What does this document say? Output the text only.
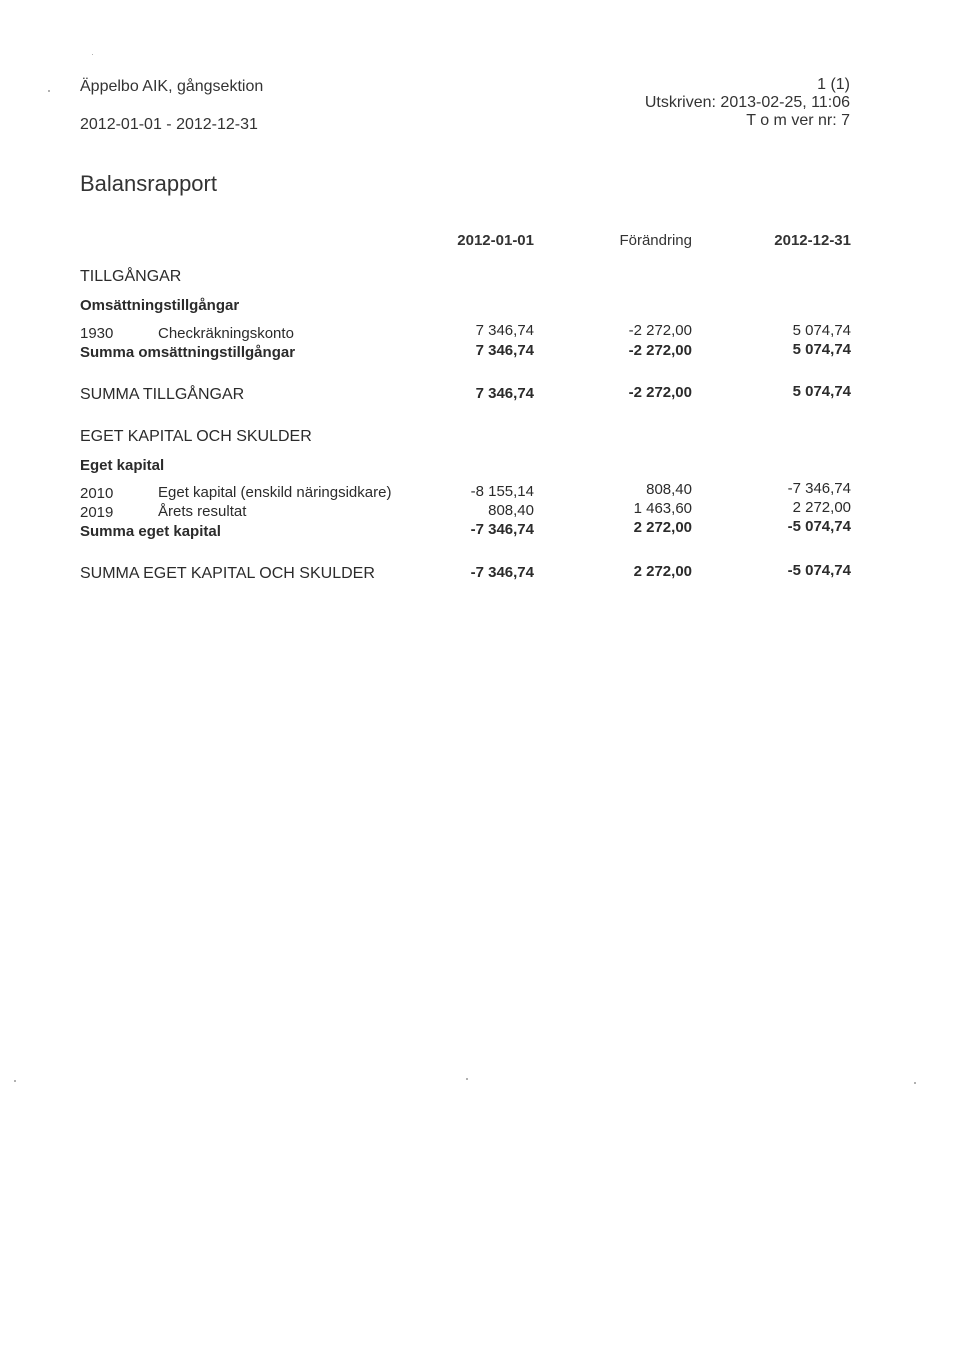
Äppelbo AIK, gångsektion
2012-01-01 - 2012-12-31
1 (1)
Utskriven: 2013-02-25, 11:06
T o m ver nr: 7
Balansrapport
2012-01-01	Förändring	2012-12-31
TILLGÅNGAR
Omsättningstillgångar
1930	Checkräkningskonto	7 346,74	-2 272,00	5 074,74
Summa omsättningstillgångar	7 346,74	-2 272,00	5 074,74
SUMMA TILLGÅNGAR	7 346,74	-2 272,00	5 074,74
EGET KAPITAL OCH SKULDER
Eget kapital
2010	Eget kapital (enskild näringsidkare)	-8 155,14	808,40	-7 346,74
2019	Årets resultat	808,40	1 463,60	2 272,00
Summa eget kapital	-7 346,74	2 272,00	-5 074,74
SUMMA EGET KAPITAL OCH SKULDER	-7 346,74	2 272,00	-5 074,74
